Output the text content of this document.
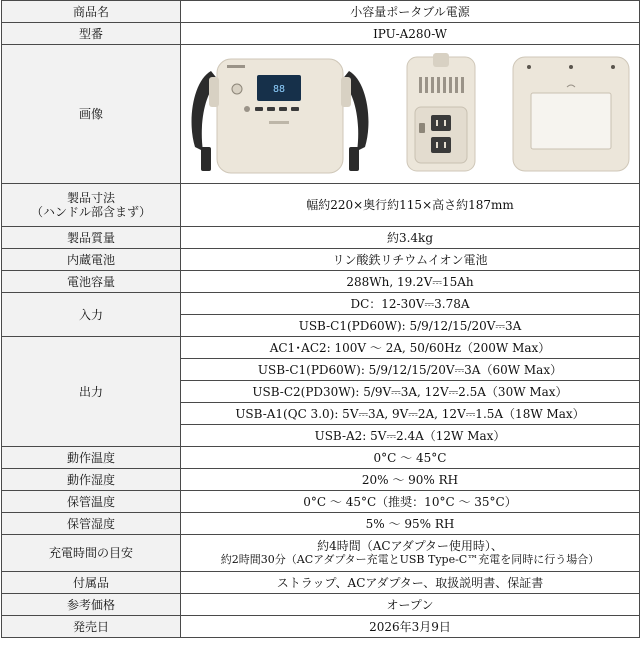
商品名	小容量ポータブル電源
型番	IPU-A280-W
画像	88

製品寸法
（ハンドル部含まず）	幅約220×奥行約115×高さ約187mm
製品質量	約3.4kg
内蔵電池	リン酸鉄リチウムイオン電池
電池容量	288Wh, 19.2V⎓15Ah
入力	DC：12-30V⎓3.78A
	USB-C1(PD60W): 5/9/12/15/20V⎓3A
出力	AC1･AC2: 100V ～ 2A, 50/60Hz（200W Max）
	USB-C1(PD60W): 5/9/12/15/20V⎓3A（60W Max）
	USB-C2(PD30W): 5/9V⎓3A, 12V⎓2.5A（30W Max）
	USB-A1(QC 3.0): 5V⎓3A, 9V⎓2A, 12V⎓1.5A（18W Max）
	USB-A2: 5V⎓2.4A（12W Max）
動作温度	0°C ～ 45°C
動作湿度	20% ～ 90% RH
保管温度	0°C ～ 45°C（推奨：10°C ～ 35°C）
保管湿度	5% ～ 95% RH
充電時間の目安	約4時間（ACアダプター使用時）、
約2時間30分（ACアダプター充電とUSB Type-C™充電を同時に行う場合）

付属品	ストラップ、ACアダプター、取扱説明書、保証書
参考価格	オープン
発売日	2026年3月9日
